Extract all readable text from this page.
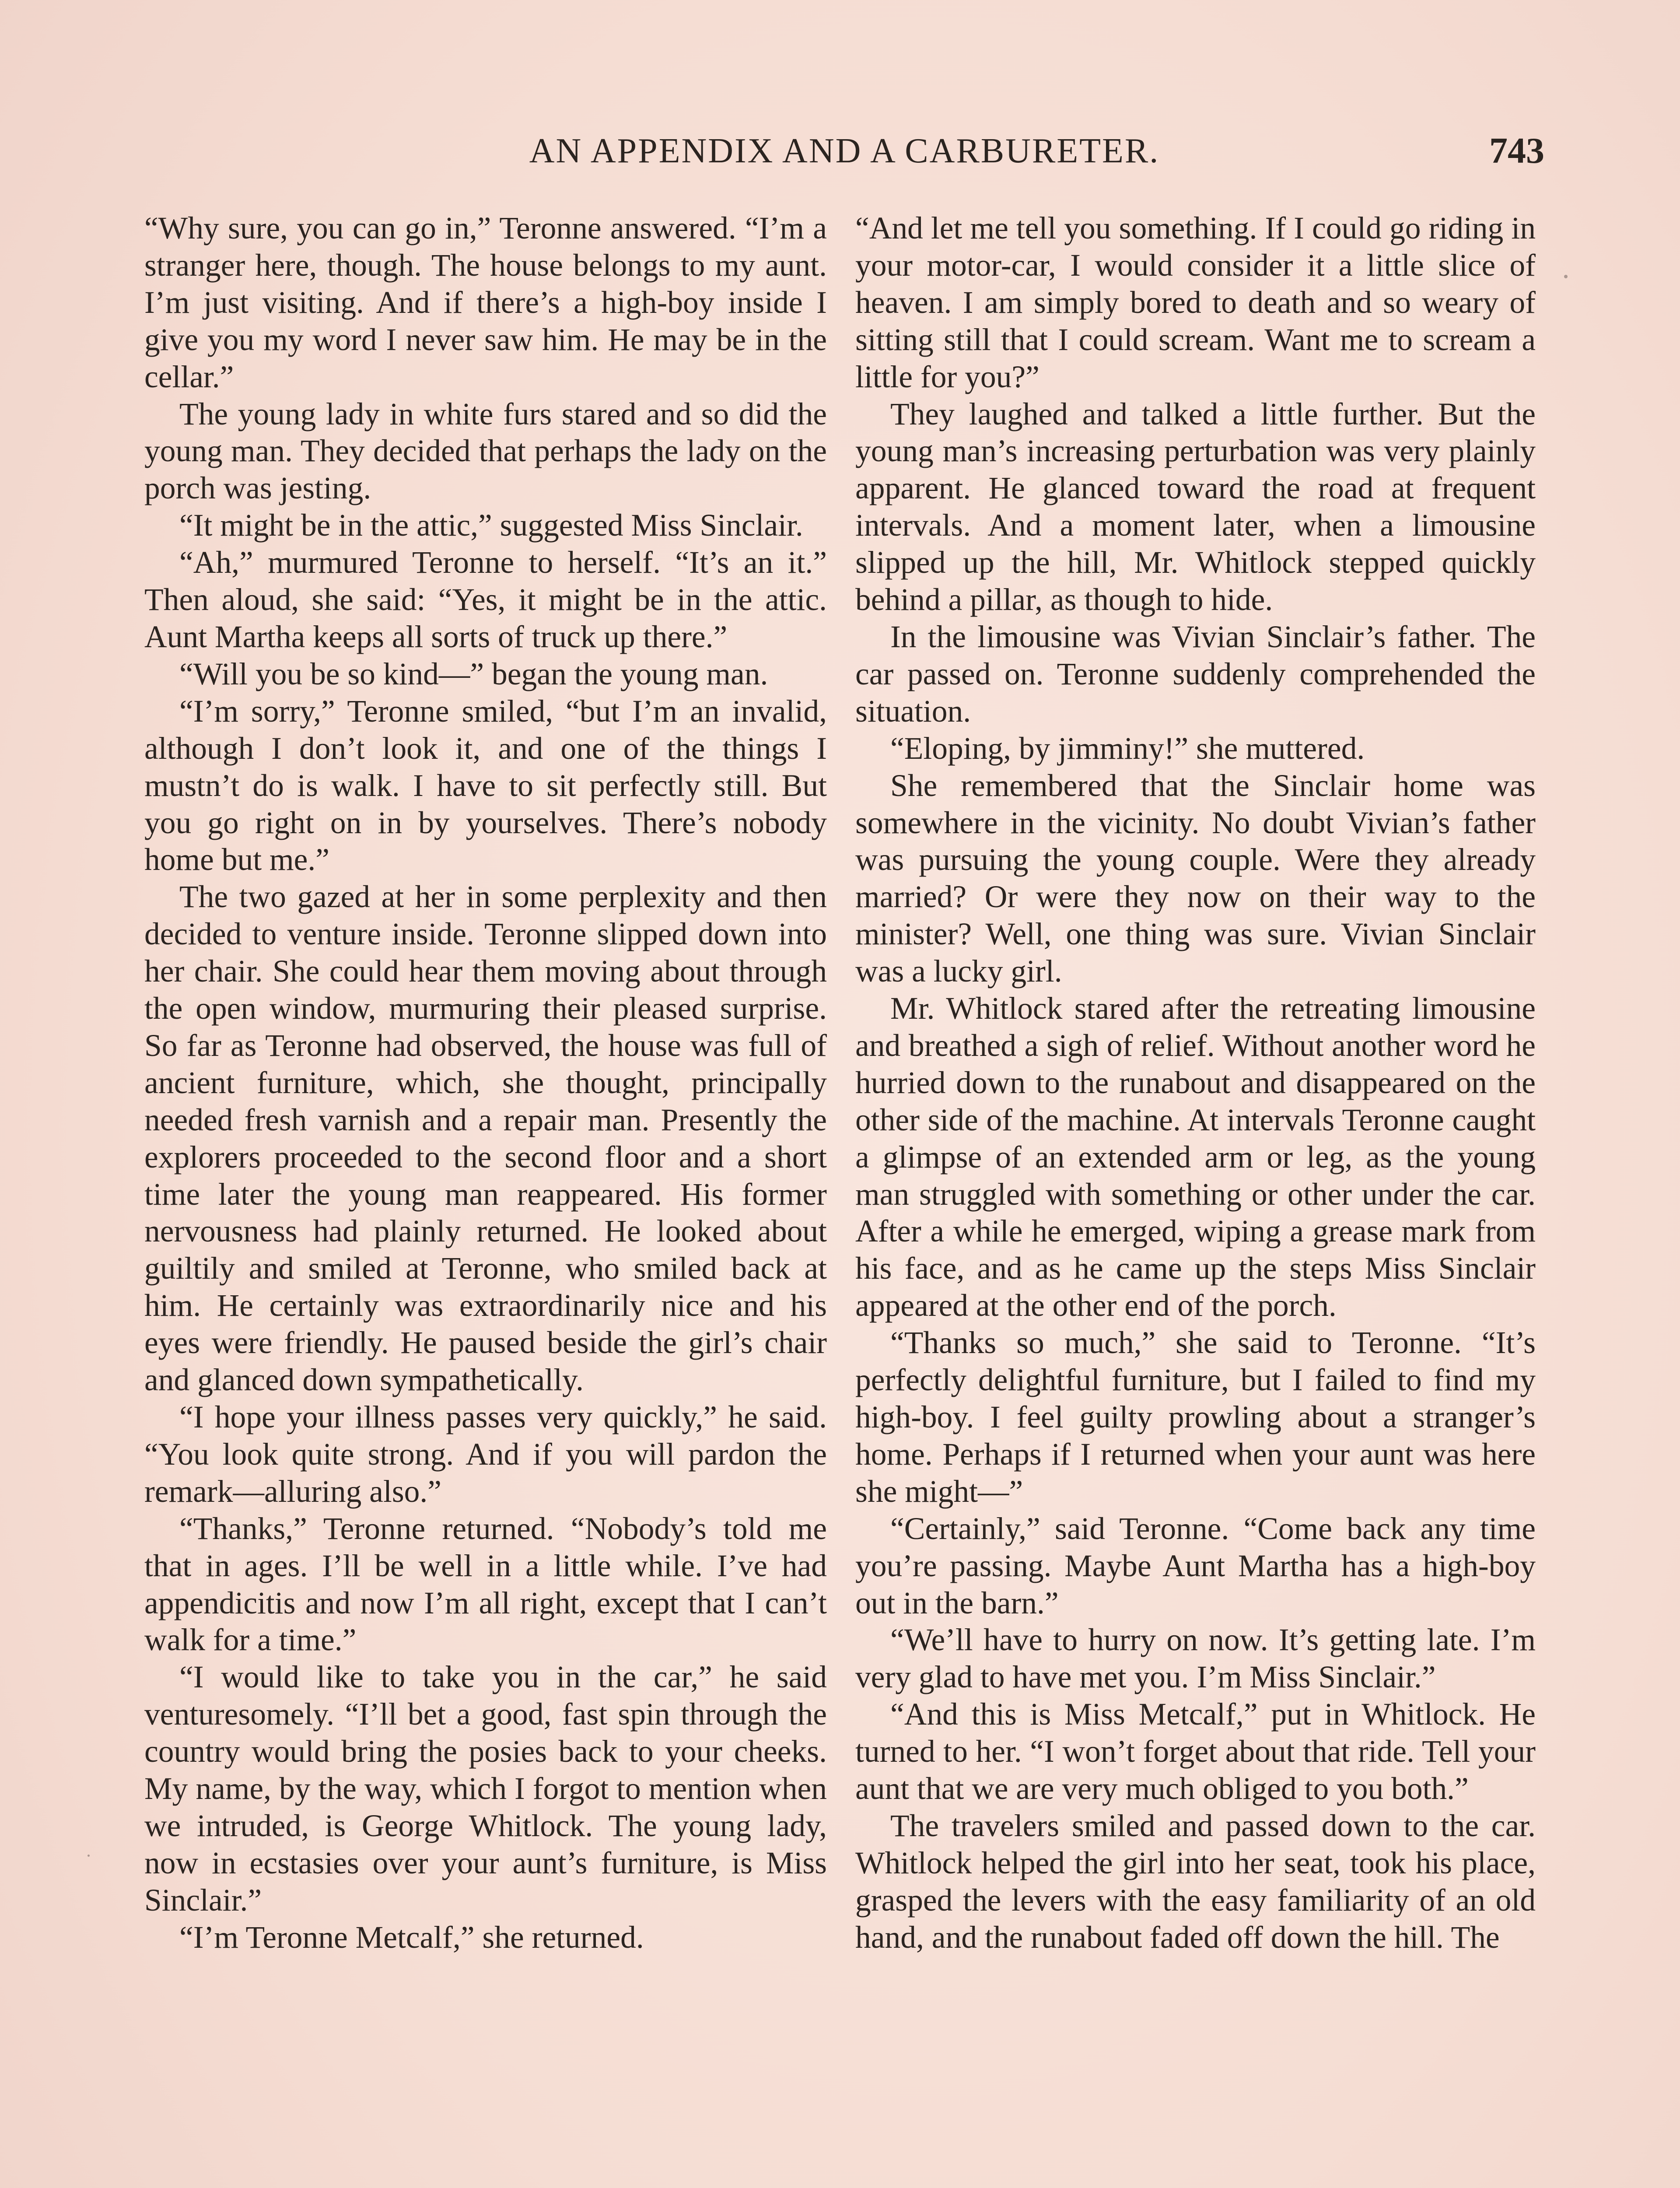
AN APPENDIX AND A CARBURETER.	743

“Why sure, you can go in,” Teronne answered. “I’m a stranger here, though. The house belongs to my aunt. I’m just visiting. And if there’s a high-boy inside I give you my word I never saw him. He may be in the cellar.”

The young lady in white furs stared and so did the young man. They decided that perhaps the lady on the porch was jesting.

“It might be in the attic,” suggested Miss Sinclair.

“Ah,” murmured Teronne to herself. “It’s an it.” Then aloud, she said: “Yes, it might be in the attic. Aunt Martha keeps all sorts of truck up there.”

“Will you be so kind—” began the young man.

“I’m sorry,” Teronne smiled, “but I’m an invalid, although I don’t look it, and one of the things I mustn’t do is walk. I have to sit perfectly still. But you go right on in by yourselves. There’s nobody home but me.”

The two gazed at her in some perplexity and then decided to venture inside. Teronne slipped down into her chair. She could hear them moving about through the open window, murmuring their pleased surprise. So far as Teronne had observed, the house was full of ancient furniture, which, she thought, principally needed fresh varnish and a repair man. Presently the explorers proceeded to the second floor and a short time later the young man reappeared. His former nervousness had plainly returned. He looked about guiltily and smiled at Teronne, who smiled back at him. He certainly was extraordinarily nice and his eyes were friendly. He paused beside the girl’s chair and glanced down sympathetically.

“I hope your illness passes very quickly,” he said. “You look quite strong. And if you will pardon the remark—alluring also.”

“Thanks,” Teronne returned. “Nobody’s told me that in ages. I’ll be well in a little while. I’ve had appendicitis and now I’m all right, except that I can’t walk for a time.”

“I would like to take you in the car,” he said venturesomely. “I’ll bet a good, fast spin through the country would bring the posies back to your cheeks. My name, by the way, which I forgot to mention when we intruded, is George Whitlock. The young lady, now in ecstasies over your aunt’s furniture, is Miss Sinclair.”

“I’m Teronne Metcalf,” she returned.

“And let me tell you something. If I could go riding in your motor-car, I would consider it a little slice of heaven. I am simply bored to death and so weary of sitting still that I could scream. Want me to scream a little for you?”

They laughed and talked a little further. But the young man’s increasing perturbation was very plainly apparent. He glanced toward the road at frequent intervals. And a moment later, when a limousine slipped up the hill, Mr. Whitlock stepped quickly behind a pillar, as though to hide.

In the limousine was Vivian Sinclair’s father. The car passed on. Teronne suddenly comprehended the situation.

“Eloping, by jimminy!” she muttered.

She remembered that the Sinclair home was somewhere in the vicinity. No doubt Vivian’s father was pursuing the young couple. Were they already married? Or were they now on their way to the minister? Well, one thing was sure. Vivian Sinclair was a lucky girl.

Mr. Whitlock stared after the retreating limousine and breathed a sigh of relief. Without another word he hurried down to the runabout and disappeared on the other side of the machine. At intervals Teronne caught a glimpse of an extended arm or leg, as the young man struggled with something or other under the car. After a while he emerged, wiping a grease mark from his face, and as he came up the steps Miss Sinclair appeared at the other end of the porch.

“Thanks so much,” she said to Teronne. “It’s perfectly delightful furniture, but I failed to find my high-boy. I feel guilty prowling about a stranger’s home. Perhaps if I returned when your aunt was here she might—”

“Certainly,” said Teronne. “Come back any time you’re passing. Maybe Aunt Martha has a high-boy out in the barn.”

“We’ll have to hurry on now. It’s getting late. I’m very glad to have met you. I’m Miss Sinclair.”

“And this is Miss Metcalf,” put in Whitlock. He turned to her. “I won’t forget about that ride. Tell your aunt that we are very much obliged to you both.”

The travelers smiled and passed down to the car. Whitlock helped the girl into her seat, took his place, grasped the levers with the easy familiarity of an old hand, and the runabout faded off down the hill. The
